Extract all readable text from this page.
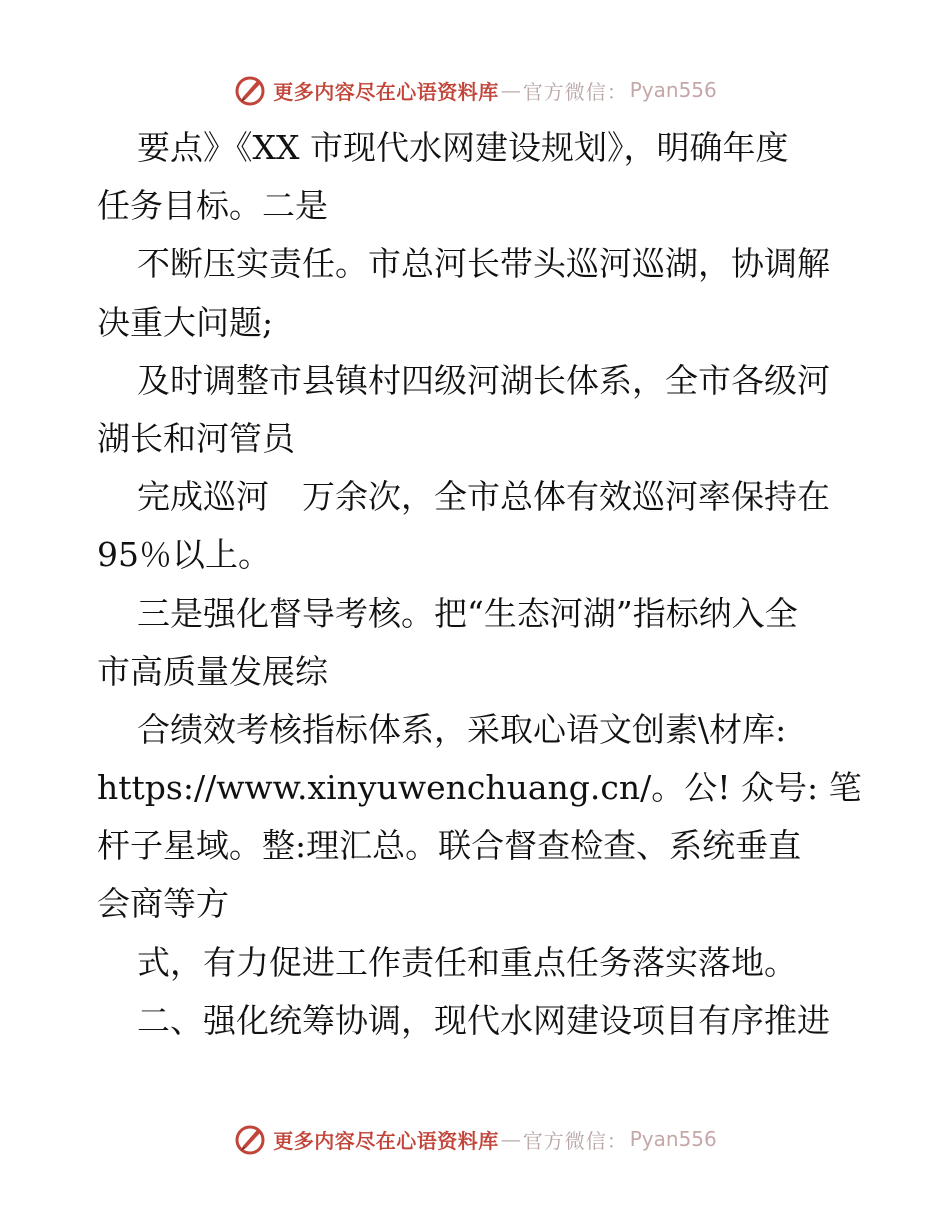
更多内容尽在心语资料库 — 官方微信： Pyan556
要点》《XX 市现代水网建设规划》，明确年度
任务目标。二是
不断压实责任。市总河长带头巡河巡湖，协调解
决重大问题;
及时调整市县镇村四级河湖长体系，全市各级河
湖长和河管员
完成巡河　万余次，全市总体有效巡河率保持在
95％以上。
三是强化督导考核。把“生态河湖”指标纳入全
市高质量发展综
合绩效考核指标体系，采取心语文创素\材库:
https://www.xinyuwenchuang.cn/。公! 众号: 笔
杆子星域。整:理汇总。联合督查检查、系统垂直
会商等方
式，有力促进工作责任和重点任务落实落地。
二、强化统筹协调，现代水网建设项目有序推进
更多内容尽在心语资料库 — 官方微信： Pyan556
